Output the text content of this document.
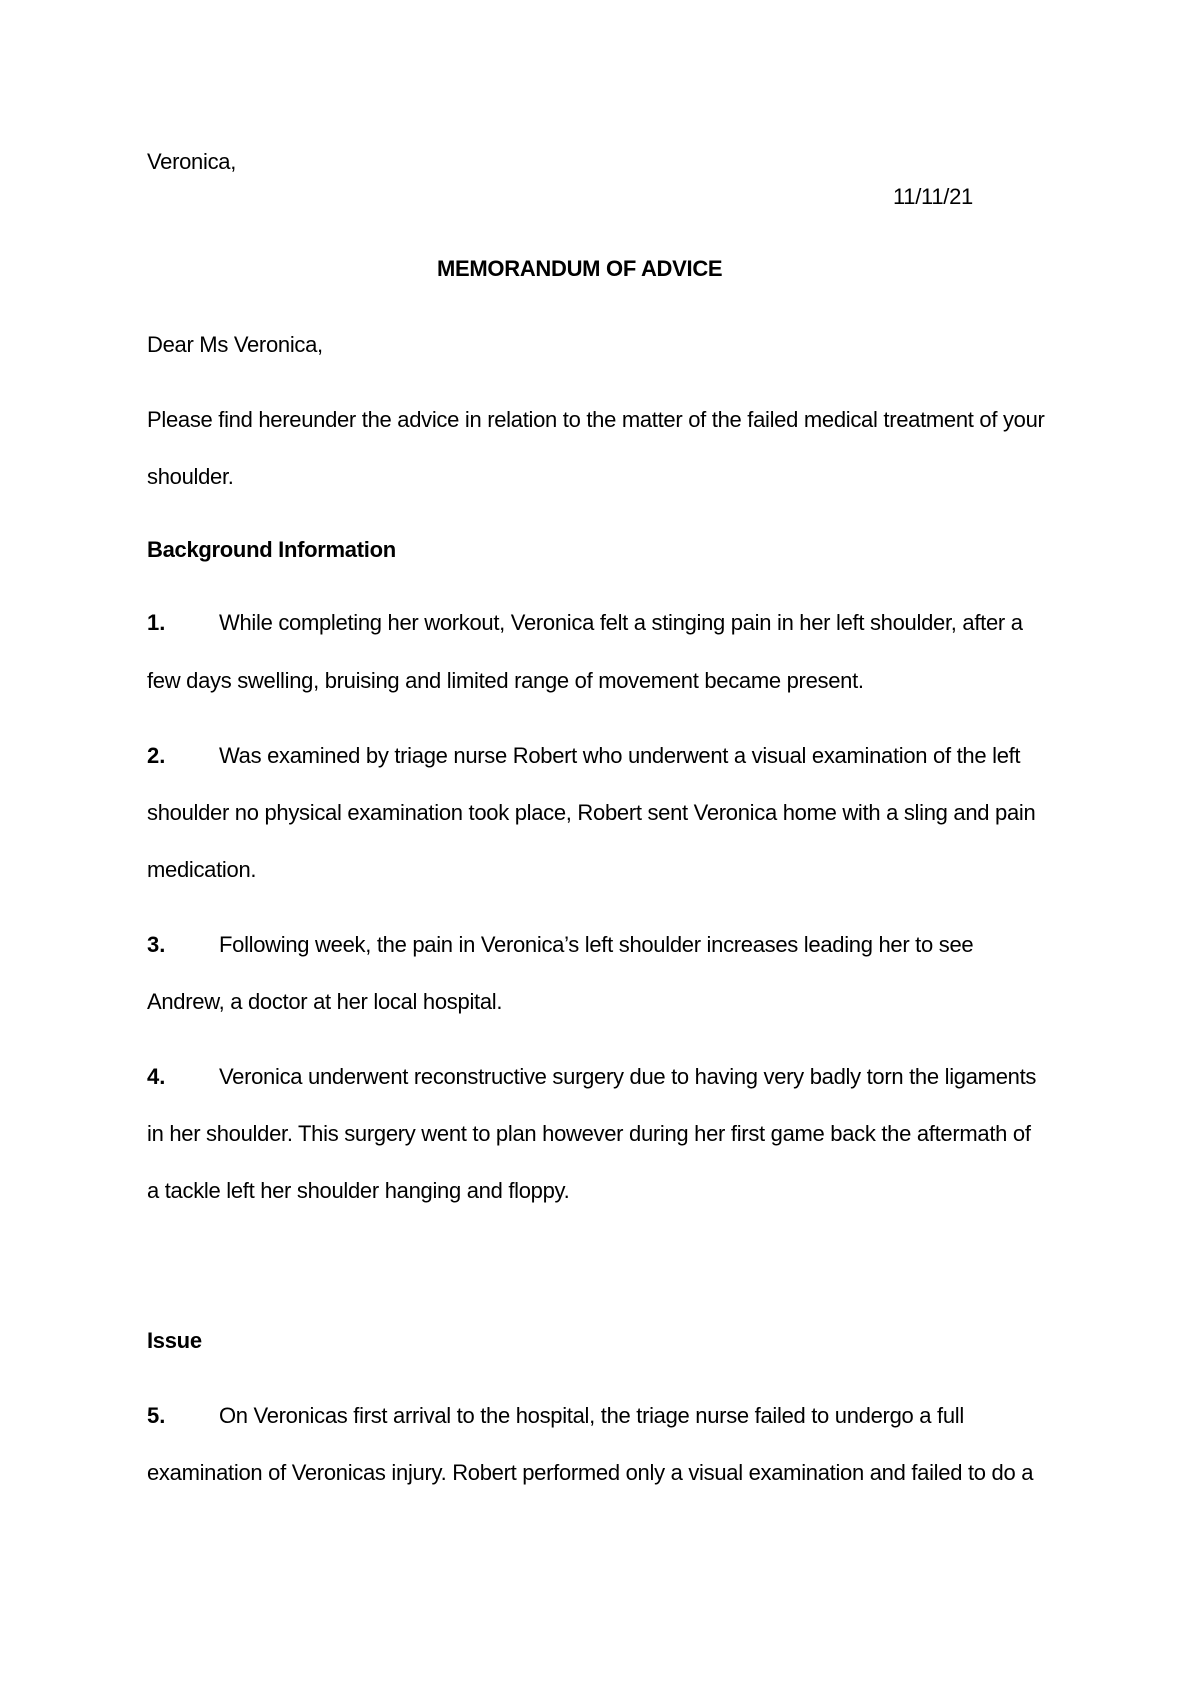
Veronica,
11/11/21
MEMORANDUM OF ADVICE
Dear Ms Veronica,
Please find hereunder the advice in relation to the matter of the failed medical treatment of your
shoulder.
Background Information
1. While completing her workout, Veronica felt a stinging pain in her left shoulder, after a
few days swelling, bruising and limited range of movement became present.
2. Was examined by triage nurse Robert who underwent a visual examination of the left
shoulder no physical examination took place, Robert sent Veronica home with a sling and pain
medication.
3. Following week, the pain in Veronica’s left shoulder increases leading her to see
Andrew, a doctor at her local hospital.
4. Veronica underwent reconstructive surgery due to having very badly torn the ligaments
in her shoulder. This surgery went to plan however during her first game back the aftermath of
a tackle left her shoulder hanging and floppy.
Issue
5. On Veronicas first arrival to the hospital, the triage nurse failed to undergo a full
examination of Veronicas injury. Robert performed only a visual examination and failed to do a
